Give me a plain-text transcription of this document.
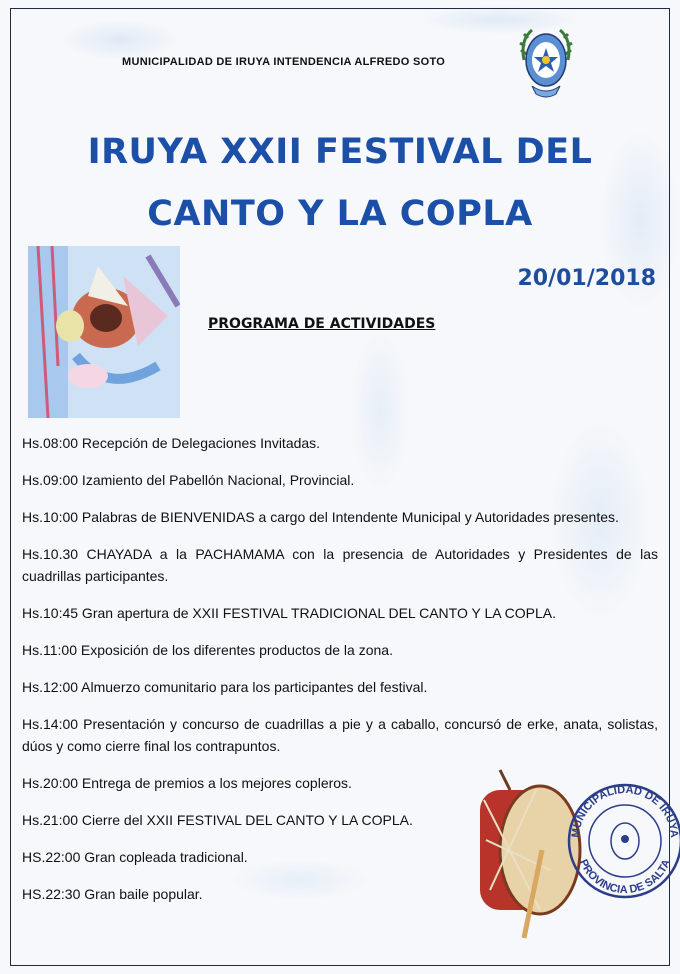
MUNICIPALIDAD DE IRUYA INTENDENCIA ALFREDO SOTO
IRUYA XXII FESTIVAL DEL
CANTO Y LA COPLA
20/01/2018
PROGRAMA DE ACTIVIDADES
Hs.08:00 Recepción de Delegaciones Invitadas.
Hs.09:00 Izamiento del Pabellón Nacional, Provincial.
Hs.10:00 Palabras de BIENVENIDAS a cargo del Intendente Municipal y Autoridades presentes.
Hs.10.30 CHAYADA a la PACHAMAMA con la presencia de Autoridades y Presidentes de las cuadrillas participantes.
Hs.10:45 Gran apertura de XXII FESTIVAL TRADICIONAL DEL CANTO Y LA COPLA.
Hs.11:00 Exposición de los diferentes productos de la zona.
Hs.12:00 Almuerzo comunitario para los participantes del festival.
Hs.14:00 Presentación y concurso de cuadrillas a pie y a caballo, concursó de erke, anata, solistas, dúos y como cierre final los contrapuntos.
Hs.20:00 Entrega de premios a los mejores copleros.
Hs.21:00 Cierre del XXII FESTIVAL DEL CANTO Y LA COPLA.
HS.22:00 Gran copleada tradicional.
HS.22:30 Gran baile popular.
MUNICIPALIDAD DE IRUYA
PROVINCIA DE SALTA
